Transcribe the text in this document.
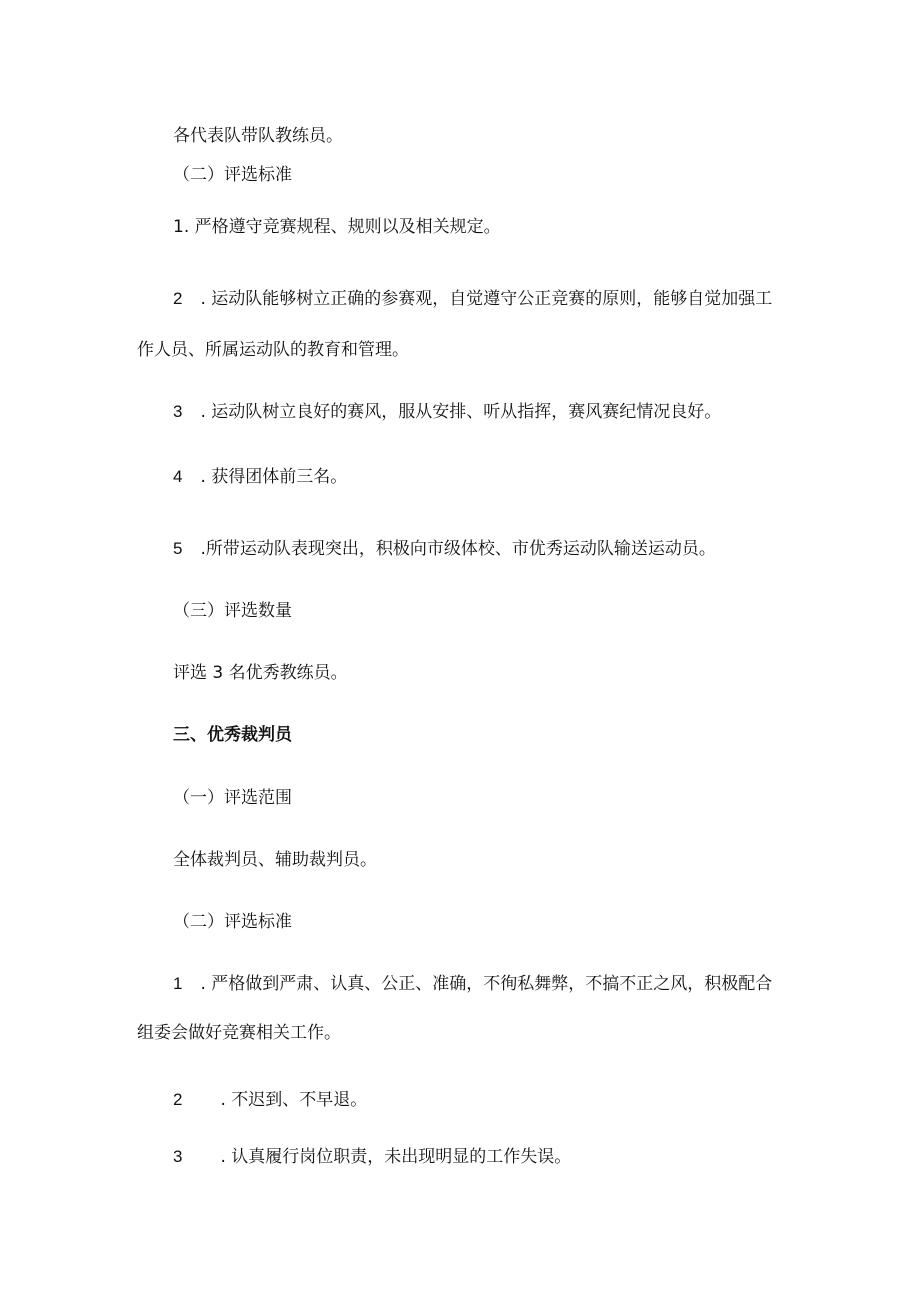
各代表队带队教练员。

（二）评选标准

1. 严格遵守竞赛规程、规则以及相关规定。

2 . 运动队能够树立正确的参赛观，自觉遵守公正竞赛的原则，能够自觉加强工

作人员、所属运动队的教育和管理。

3 . 运动队树立良好的赛风，服从安排、听从指挥，赛风赛纪情况良好。

4 . 获得团体前三名。

5 .所带运动队表现突出，积极向市级体校、市优秀运动队输送运动员。

（三）评选数量

评选 3 名优秀教练员。

三、优秀裁判员

（一）评选范围

全体裁判员、辅助裁判员。

（二）评选标准

1 . 严格做到严肃、认真、公正、准确，不徇私舞弊，不搞不正之风，积极配合

组委会做好竞赛相关工作。

2 . 不迟到、不早退。

3 . 认真履行岗位职责，未出现明显的工作失误。
